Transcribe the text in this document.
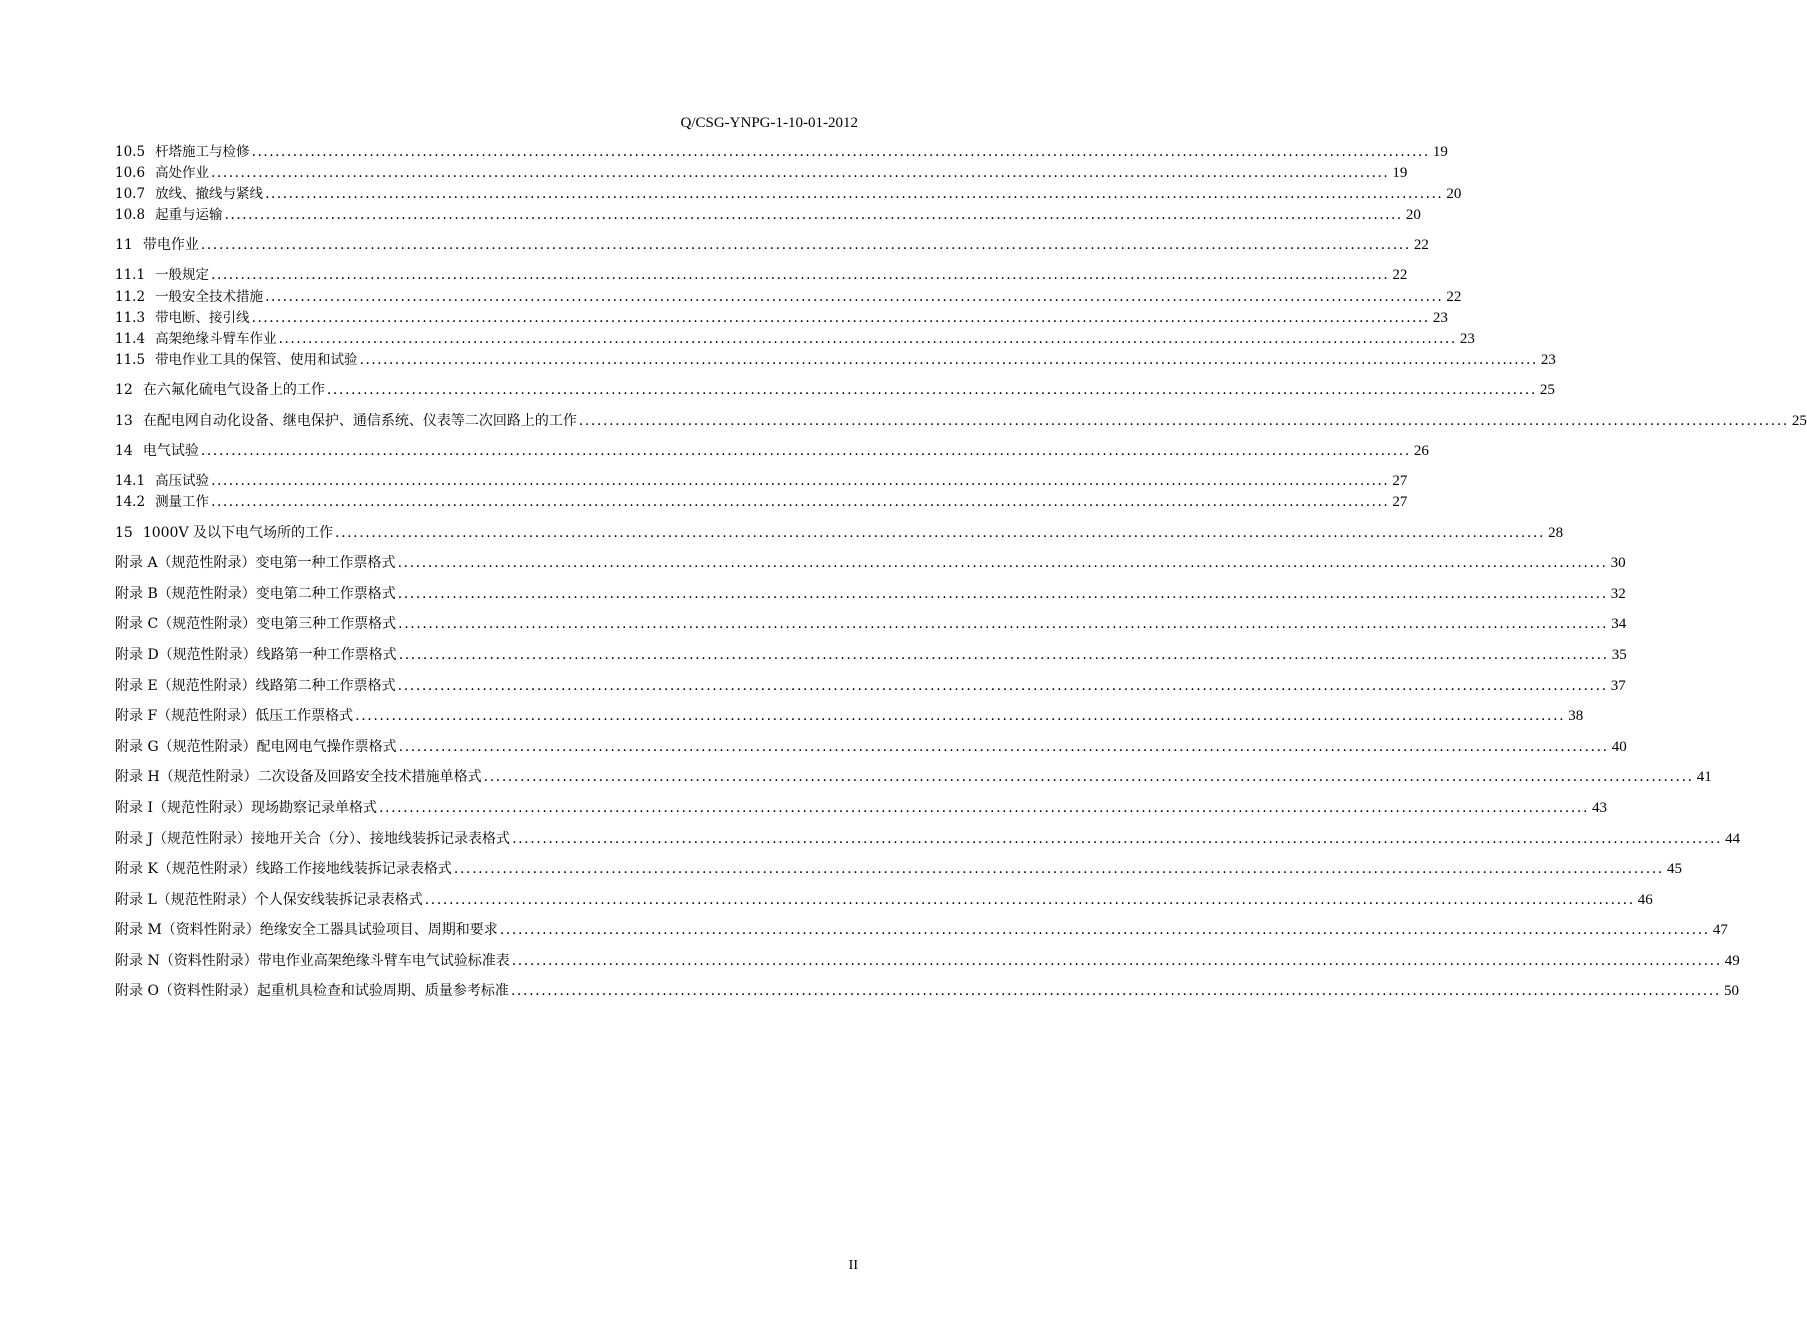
Q/CSG-YNPG-1-10-01-2012
10.5 杆塔施工与检修 ........................................................................................................................................................................................................ 19
10.6 高处作业 ........................................................................................................................................................................................................ 19
10.7 放线、撤线与紧线 ........................................................................................................................................................................................................ 20
10.8 起重与运输 ........................................................................................................................................................................................................ 20
11 带电作业 ........................................................................................................................................................................................................ 22
11.1 一般规定 ........................................................................................................................................................................................................ 22
11.2 一般安全技术措施 ........................................................................................................................................................................................................ 22
11.3 带电断、接引线 ........................................................................................................................................................................................................ 23
11.4 高架绝缘斗臂车作业 ........................................................................................................................................................................................................ 23
11.5 带电作业工具的保管、使用和试验 ........................................................................................................................................................................................................ 23
12 在六氟化硫电气设备上的工作 ........................................................................................................................................................................................................ 25
13 在配电网自动化设备、继电保护、通信系统、仪表等二次回路上的工作 ........................................................................................................................................................................................................ 25
14 电气试验 ........................................................................................................................................................................................................ 26
14.1 高压试验 ........................................................................................................................................................................................................ 27
14.2 测量工作 ........................................................................................................................................................................................................ 27
15 1000V 及以下电气场所的工作 ........................................................................................................................................................................................................ 28
附录 A（规范性附录）变电第一种工作票格式 ........................................................................................................................................................................................................ 30
附录 B（规范性附录）变电第二种工作票格式 ........................................................................................................................................................................................................ 32
附录 C（规范性附录）变电第三种工作票格式 ........................................................................................................................................................................................................ 34
附录 D（规范性附录）线路第一种工作票格式 ........................................................................................................................................................................................................ 35
附录 E（规范性附录）线路第二种工作票格式 ........................................................................................................................................................................................................ 37
附录 F（规范性附录）低压工作票格式 ........................................................................................................................................................................................................ 38
附录 G（规范性附录）配电网电气操作票格式 ........................................................................................................................................................................................................ 40
附录 H（规范性附录）二次设备及回路安全技术措施单格式 ........................................................................................................................................................................................................ 41
附录 I（规范性附录）现场勘察记录单格式 ........................................................................................................................................................................................................ 43
附录 J（规范性附录）接地开关合（分）、接地线装拆记录表格式 ........................................................................................................................................................................................................ 44
附录 K（规范性附录）线路工作接地线装拆记录表格式 ........................................................................................................................................................................................................ 45
附录 L（规范性附录）个人保安线装拆记录表格式 ........................................................................................................................................................................................................ 46
附录 M（资料性附录）绝缘安全工器具试验项目、周期和要求 ........................................................................................................................................................................................................ 47
附录 N（资料性附录）带电作业高架绝缘斗臂车电气试验标准表 ........................................................................................................................................................................................................ 49
附录 O（资料性附录）起重机具检查和试验周期、质量参考标准 ........................................................................................................................................................................................................ 50
II
